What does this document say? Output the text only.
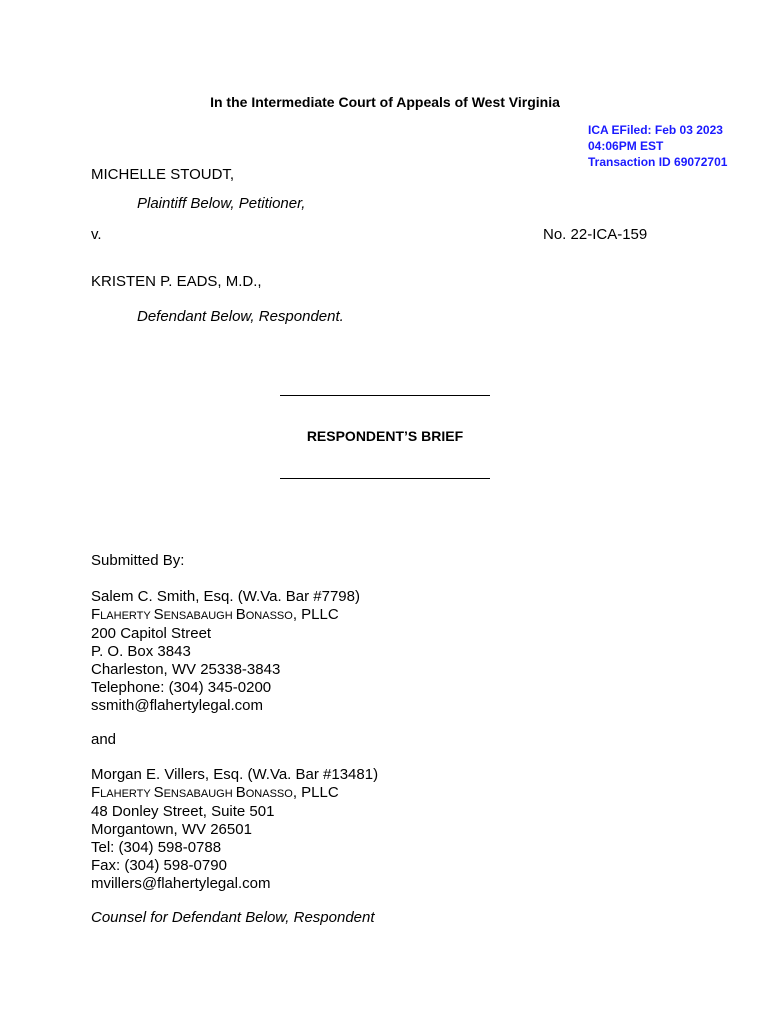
In the Intermediate Court of Appeals of West Virginia
ICA EFiled: Feb 03 2023
04:06PM EST
Transaction ID 69072701
MICHELLE STOUDT,
Plaintiff Below, Petitioner,
v.	No. 22-ICA-159
KRISTEN P. EADS, M.D.,
Defendant Below, Respondent.
RESPONDENT’S BRIEF
Submitted By:
Salem C. Smith, Esq. (W.Va. Bar #7798)
FLAHERTY SENSABAUGH BONASSO, PLLC
200 Capitol Street
P. O. Box 3843
Charleston, WV 25338-3843
Telephone: (304) 345-0200
ssmith@flahertylegal.com
and
Morgan E. Villers, Esq. (W.Va. Bar #13481)
FLAHERTY SENSABAUGH BONASSO, PLLC
48 Donley Street, Suite 501
Morgantown, WV 26501
Tel: (304) 598-0788
Fax: (304) 598-0790
mvillers@flahertylegal.com
Counsel for Defendant Below, Respondent
